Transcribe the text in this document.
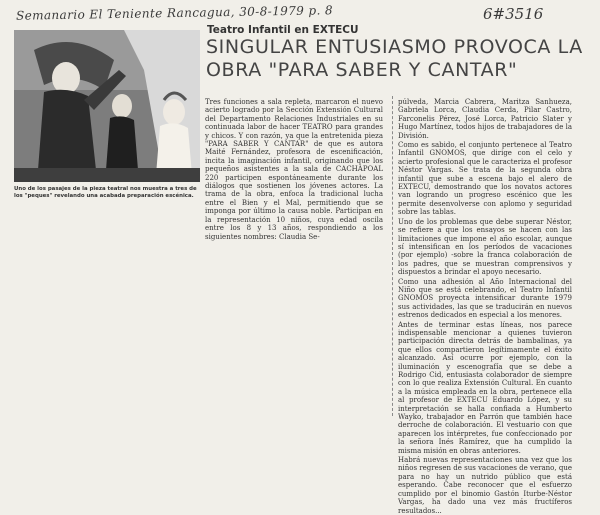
Semanario El Teniente Rancagua, 30-8-1979 p. 8	6#3516
Uno de los pasajes de la pieza teatral nos muestra a tres de los "peques" revelando una acabada preparación escénica.
Teatro Infantil en EXTECU
SINGULAR ENTUSIASMO PROVOCA LA
OBRA "PARA SABER Y CANTAR"

Tres funciones a sala repleta, marcaron el nuevo acierto logrado por la Sección Extensión Cultural del Departamento Relaciones Industriales en su continuada labor de hacer TEATRO para grandes y chicos. Y con razón, ya que la entretenida pieza "PARA SABER Y CANTAR" de que es autora Maité Fernández, profesora de escenificación, incita la imaginación infantil, originando que los pequeños asistentes a la sala de CACHAPOAL 220 participen espontáneamente durante los diálogos que sostienen los jóvenes actores. La trama de la obra, enfoca la tradicional lucha entre el Bien y el Mal, permitiendo que se imponga por último la causa noble. Participan en la representación 10 niños, cuya edad oscila entre los 8 y 13 años, respondiendo a los siguientes nombres: Claudia Se-

púlveda, Marcia Cabrera, Maritza Sanhueza, Gabriela Lorca, Claudia Cerda, Pilar Castro, Farconelis Pérez, José Lorca, Patricio Slater y Hugo Martínez, todos hijos de trabajadores de la División.

Como es sabido, el conjunto pertenece al Teatro Infantil GNOMOS, que dirige con el celo y acierto profesional que le caracteriza el profesor Néstor Vargas. Se trata de la segunda obra infantil que sube a escena bajo el alero de EXTECU, demostrando que los novatos actores van logrando un progreso escénico que les permite desenvolverse con aplomo y seguridad sobre las tablas.

Uno de los problemas que debe superar Néstor, se refiere a que los ensayos se hacen con las limitaciones que impone el año escolar, aunque sí intensifican en los períodos de vacaciones (por ejemplo) -sobre la franca colaboración de los padres, que se muestran comprensivos y dispuestos a brindar el apoyo necesario.

Como una adhesión al Año Internacional del Niño que se está celebrando, el Teatro Infantil GNOMOS proyecta intensificar durante 1979 sus actividades, las que se traducirán en nuevos estrenos dedicados en especial a los menores.

Antes de terminar estas líneas, nos parece indispensable mencionar a quienes tuvieron participación directa detrás de bambalinas, ya que ellos compartieron legítimamente el éxito alcanzado. Así ocurre por ejemplo, con la iluminación y escenografía que se debe a Rodrigo Cid, entusiasta colaborador de siempre con lo que realiza Extensión Cultural. En cuanto a la música empleada en la obra, pertenece ella al profesor de EXTECU Eduardo López, y su interpretación se halla confiada a Humberto Wayko, trabajador en Parrón que también hace derroche de colaboración. El vestuario con que aparecen los intérpretes, fue confeccionado por la señora Inés Ramírez, que ha cumplido la misma misión en obras anteriores.

Habrá nuevas representaciones una vez que los niños regresen de sus vacaciones de verano, que para no hay un nutrido público que está esperando. Cabe reconocer que el esfuerzo cumplido por el binomio Gastón Iturbe-Néstor Vargas, ha dado una vez más fructíferos resultados...
